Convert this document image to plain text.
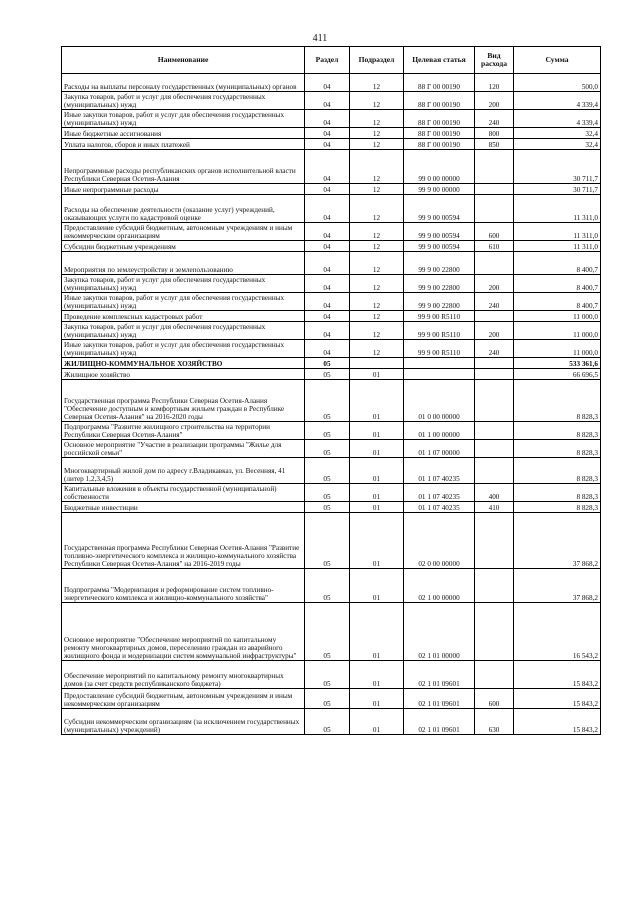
411
Наименование	Раздел	Подраздел	Целевая статья	Вид расхода	Сумма
Расходы на выплаты персоналу государственных (муниципальных) органов	04	12	88 Г 00 00190	120	500,0
Закупка товаров, работ и услуг для обеспечения государственных (муниципальных) нужд	04	12	88 Г 00 00190	200	4 339,4
Иные закупки товаров, работ и услуг для обеспечения государственных (муниципальных) нужд	04	12	88 Г 00 00190	240	4 339,4
Иные бюджетные ассигнования	04	12	88 Г 00 00190	800	32,4
Уплата налогов, сборов и иных платежей	04	12	88 Г 00 00190	850	32,4
Непрограммные расходы республиканских органов исполнительной власти Республики Северная Осетия-Алания	04	12	99 0 00 00000		30 711,7
Иные непрограммные расходы	04	12	99 9 00 00000		30 711,7
Расходы на обеспечение деятельности (оказание услуг) учреждений, оказывающих услуги по кадастровой оценке	04	12	99 9 00 00594		11 311,0
Предоставление субсидий бюджетным, автономным учреждениям и иным некоммерческим организациям	04	12	99 9 00 00594	600	11 311,0
Субсидии бюджетным учреждениям	04	12	99 9 00 00594	610	11 311,0
Мероприятия по землеустройству и землепользованию	04	12	99 9 00 22800		8 400,7
Закупка товаров, работ и услуг для обеспечения государственных (муниципальных) нужд	04	12	99 9 00 22800	200	8 400,7
Иные закупки товаров, работ и услуг для обеспечения государственных (муниципальных) нужд	04	12	99 9 00 22800	240	8 400,7
Проведение комплексных кадастровых работ	04	12	99 9 00 R5110		11 000,0
Закупка товаров, работ и услуг для обеспечения государственных (муниципальных) нужд	04	12	99 9 00 R5110	200	11 000,0
Иные закупки товаров, работ и услуг для обеспечения государственных (муниципальных) нужд	04	12	99 9 00 R5110	240	11 000,0
ЖИЛИЩНО-КОММУНАЛЬНОЕ ХОЗЯЙСТВО	05				533 361,6
Жилищное хозяйство	05	01			66 696,5
Государственная программа Республики Северная Осетия-Алания "Обеспечение доступным и комфортным жильем граждан в Республике Северная Осетия-Алания" на 2016-2020 годы	05	01	01 0 00 00000		8 828,3
Подпрограмма "Развитие жилищного строительства на территории Республики Северная Осетия-Алания"	05	01	01 1 00 00000		8 828,3
Основное мероприятие "Участие в реализации программы "Жилье для российской семьи"	05	01	01 1 07 00000		8 828,3
Многоквартирный жилой дом по адресу г.Владикавказ, ул. Весенняя, 41 (литер 1,2,3,4,5)	05	01	01 1 07 40235		8 828,3
Капитальные вложения в объекты государственной (муниципальной) собственности	05	01	01 1 07 40235	400	8 828,3
Бюджетные инвестиции	05	01	01 1 07 40235	410	8 828,3
Государственная программа Республики Северная Осетия-Алания "Развитие топливно-энергетического комплекса и жилищно-коммунального хозяйства Республики Северная Осетия-Алания" на 2016-2019 годы	05	01	02 0 00 00000		37 868,2
Подпрограмма "Модернизация и реформирование систем топливно-энергетического комплекса и жилищно-коммунального хозяйства"	05	01	02 1 00 00000		37 868,2
Основное мероприятие "Обеспечение мероприятий по капитальному ремонту многоквартирных домов, переселению граждан из аварийного жилищного фонда и модернизации систем коммунальной инфраструктуры"	05	01	02 1 01 00000		16 543,2
Обеспечение мероприятий по капитальному ремонту многоквартирных домов (за счет средств республиканского бюджета)	05	01	02 1 01 09601		15 843,2
Предоставление субсидий бюджетным, автономным учреждениям и иным некоммерческим организациям	05	01	02 1 01 09601	600	15 843,2
Субсидии некоммерческим организациям (за исключением государственных (муниципальных) учреждений)	05	01	02 1 01 09601	630	15 843,2
